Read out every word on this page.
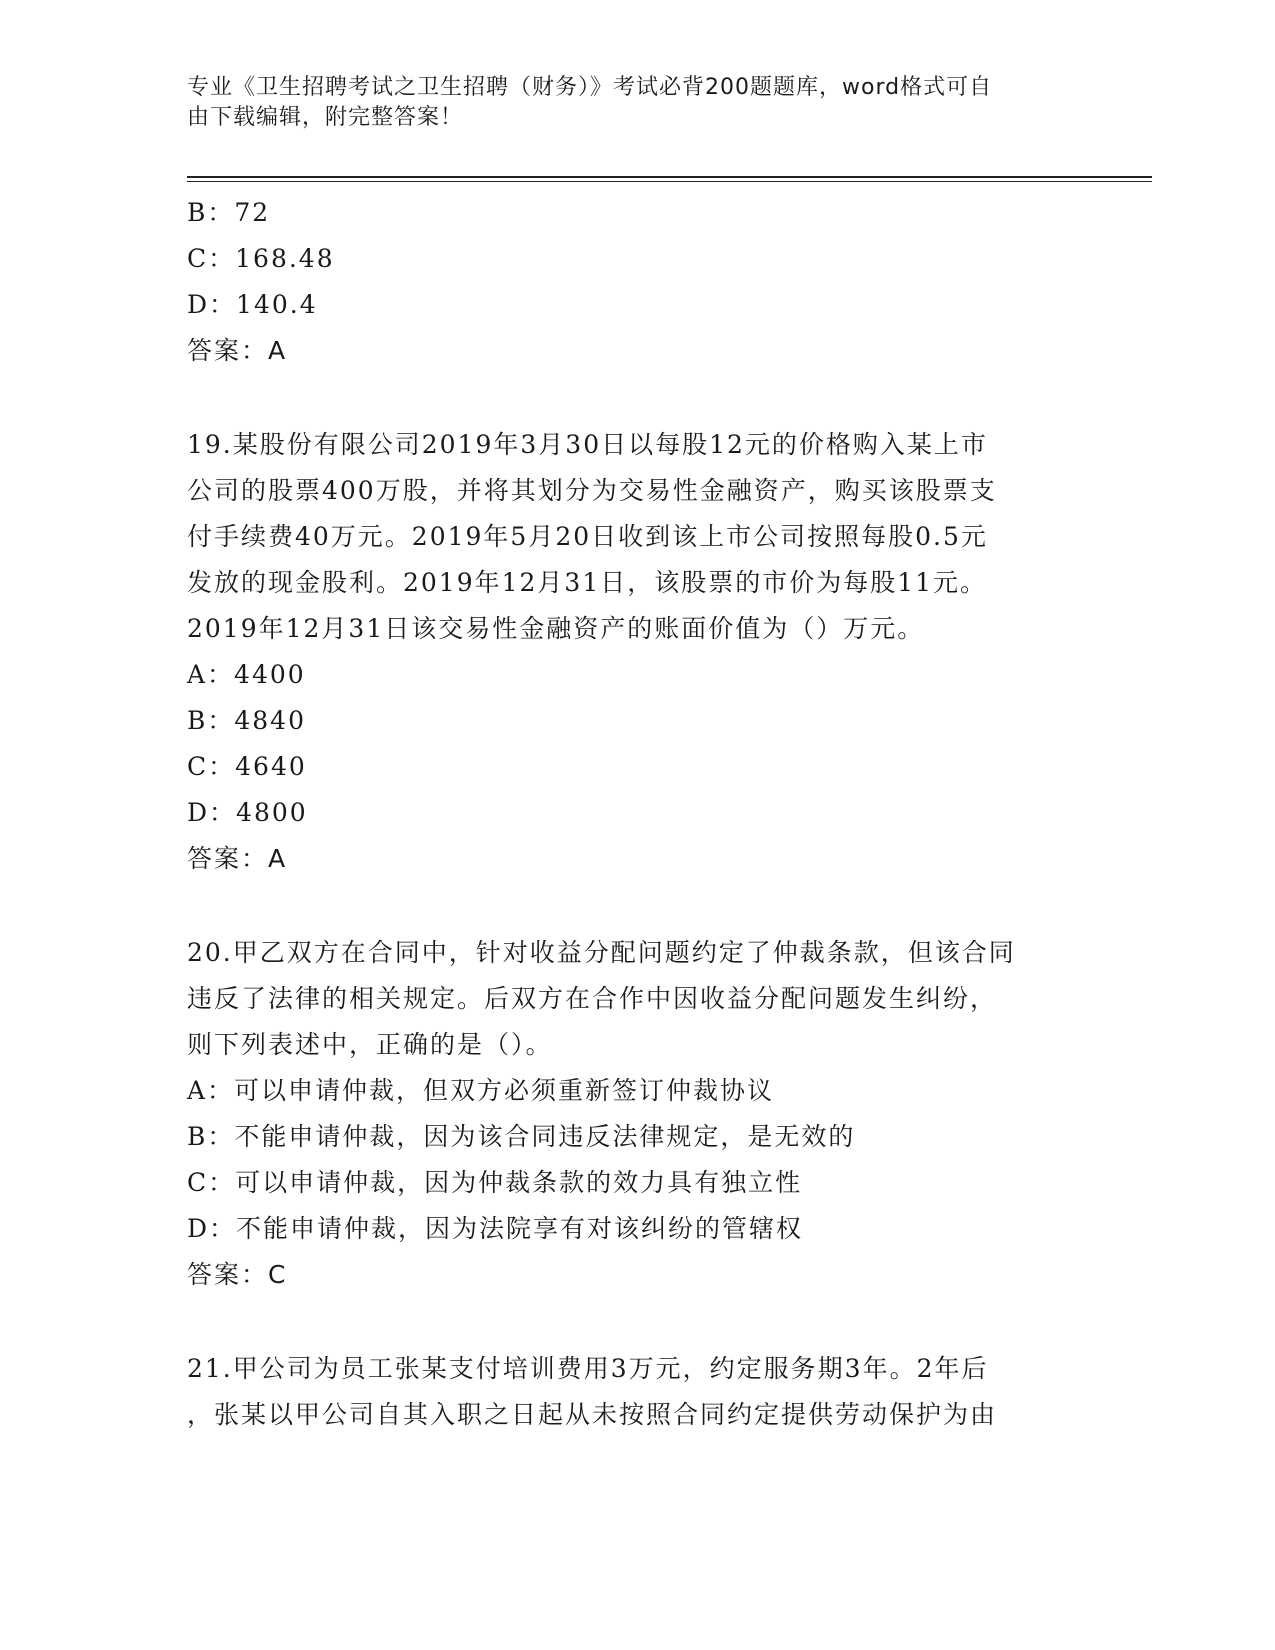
专业《卫生招聘考试之卫生招聘（财务）》考试必背200题题库，word格式可自
由下载编辑，附完整答案！
B：72
C：168.48
D：140.4
答案：A
19.某股份有限公司2019年3月30日以每股12元的价格购入某上市
公司的股票400万股，并将其划分为交易性金融资产，购买该股票支
付手续费40万元。2019年5月20日收到该上市公司按照每股0.5元
发放的现金股利。2019年12月31日，该股票的市价为每股11元。
2019年12月31日该交易性金融资产的账面价值为（）万元。
A：4400
B：4840
C：4640
D：4800
答案：A
20.甲乙双方在合同中，针对收益分配问题约定了仲裁条款，但该合同
违反了法律的相关规定。后双方在合作中因收益分配问题发生纠纷，
则下列表述中，正确的是（）。
A：可以申请仲裁，但双方必须重新签订仲裁协议
B：不能申请仲裁，因为该合同违反法律规定，是无效的
C：可以申请仲裁，因为仲裁条款的效力具有独立性
D：不能申请仲裁，因为法院享有对该纠纷的管辖权
答案：C
21.甲公司为员工张某支付培训费用3万元，约定服务期3年。2年后
，张某以甲公司自其入职之日起从未按照合同约定提供劳动保护为由
